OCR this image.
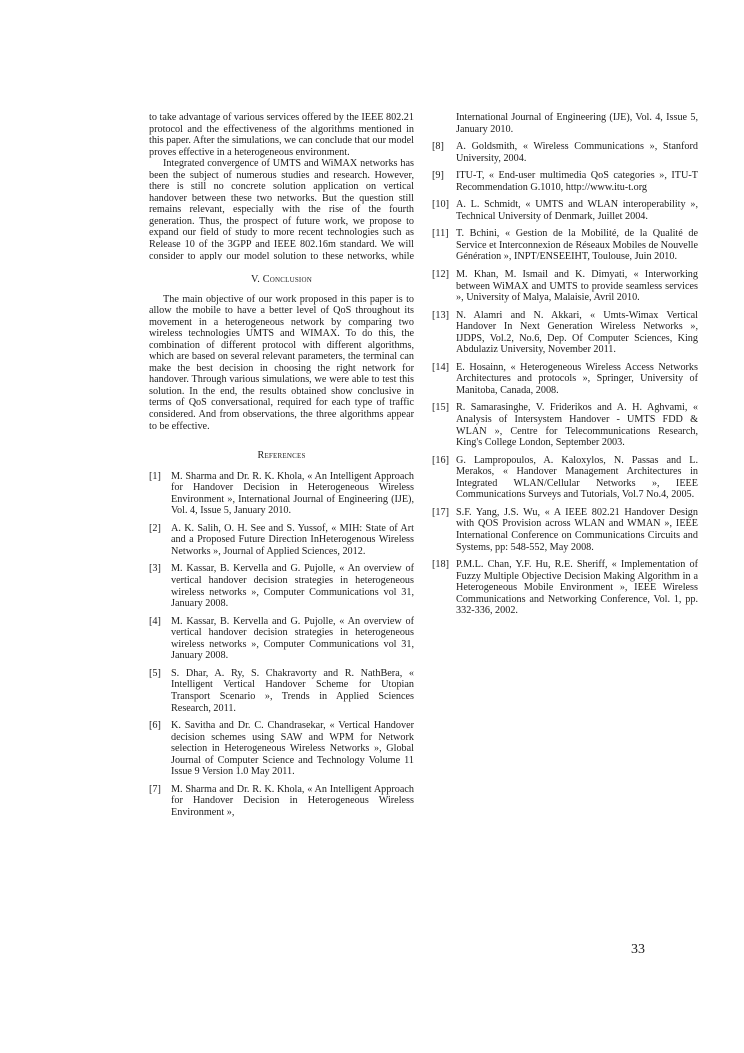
to take advantage of various services offered by the IEEE 802.21 protocol and the effectiveness of the algorithms mentioned in this paper. After the simulations, we can conclude that our model proves effective in a heterogeneous environment.

Integrated convergence of UMTS and WiMAX networks has been the subject of numerous studies and research. However, there is still no concrete solution application on vertical handover between these two networks. But the question still remains relevant, especially with the rise of the fourth generation. Thus, the prospect of future work, we propose to expand our field of study to more recent technologies such as Release 10 of the 3GPP and IEEE 802.16m standard. We will consider to apply our model solution to these networks, while

V. Conclusion

The main objective of our work proposed in this paper is to allow the mobile to have a better level of QoS throughout its movement in a heterogeneous network by comparing two wireless technologies UMTS and WIMAX. To do this, the combination of different protocol with different algorithms, which are based on several relevant parameters, the terminal can make the best decision in choosing the right network for handover. Through various simulations, we were able to test this solution. In the end, the results obtained show conclusive in terms of QoS conversational, required for each type of traffic considered. And from observations, the three algorithms appear to be effective.

References
[1] M. Sharma and Dr. R. K. Khola, « An Intelligent Approach for Handover Decision in Heterogeneous Wireless Environment », International Journal of Engineering (IJE), Vol. 4, Issue 5, January 2010.
[2] A. K. Salih, O. H. See and S. Yussof, « MIH: State of Art and a Proposed Future Direction InHeterogenous Wireless Networks », Journal of Applied Sciences, 2012.
[3] M. Kassar, B. Kervella and G. Pujolle, « An overview of vertical handover decision strategies in heterogeneous wireless networks », Computer Communications vol 31, January 2008.
[4] M. Kassar, B. Kervella and G. Pujolle, « An overview of vertical handover decision strategies in heterogeneous wireless networks », Computer Communications vol 31, January 2008.
[5] S. Dhar, A. Ry, S. Chakravorty and R. NathBera, « Intelligent Vertical Handover Scheme for Utopian Transport Scenario », Trends in Applied Sciences Research, 2011.
[6] K. Savitha and Dr. C. Chandrasekar, « Vertical Handover decision schemes using SAW and WPM for Network selection in Heterogeneous Wireless Networks », Global Journal of Computer Science and Technology Volume 11 Issue 9 Version 1.0 May 2011.
[7] M. Sharma and Dr. R. K. Khola, « An Intelligent Approach for Handover Decision in Heterogeneous Wireless Environment »,
International Journal of Engineering (IJE), Vol. 4, Issue 5, January 2010.
[8]	A. Goldsmith, « Wireless Communications », Stanford University, 2004.
[9]	ITU-T, « End-user multimedia QoS categories », ITU-T Recommendation G.1010, http://www.itu-t.org
[10] A. L. Schmidt, « UMTS and WLAN interoperability », Technical University of Denmark, Juillet 2004.
[11] T. Bchini, « Gestion de la Mobilité, de la Qualité de Service et Interconnexion de Réseaux Mobiles de Nouvelle Génération », INPT/ENSEEIHT, Toulouse, Juin 2010.
[12] M. Khan, M. Ismail and K. Dimyati, « Interworking between WiMAX and UMTS to provide seamless services », University of Malya, Malaisie, Avril 2010.
[13] N. Alamri and N. Akkari, « Umts-Wimax Vertical Handover In Next Generation Wireless Networks », IJDPS, Vol.2, No.6, Dep. Of Computer Sciences, King Abdulaziz University, November 2011.
[14] E. Hosainn, « Heterogeneous Wireless Access Networks Architectures and protocols », Springer, University of Manitoba, Canada, 2008.
[15] R. Samarasinghe, V. Friderikos and A. H. Aghvami, « Analysis of Intersystem Handover - UMTS FDD & WLAN », Centre for Telecommunications Research, King's College London, September 2003.
[16] G. Lampropoulos, A. Kaloxylos, N. Passas and L. Merakos, « Handover Management Architectures in Integrated WLAN/Cellular Networks », IEEE Communications Surveys and Tutorials, Vol.7 No.4, 2005.
[17] S.F. Yang, J.S. Wu, « A IEEE 802.21 Handover Design with QOS Provision across WLAN and WMAN », IEEE International Conference on Communications Circuits and Systems, pp: 548-552, May 2008.
[18] P.M.L. Chan, Y.F. Hu, R.E. Sheriff, « Implementation of Fuzzy Multiple Objective Decision Making Algorithm in a Heterogeneous Mobile Environment », IEEE Wireless Communications and Networking Conference, Vol. 1, pp. 332-336, 2002.
33
